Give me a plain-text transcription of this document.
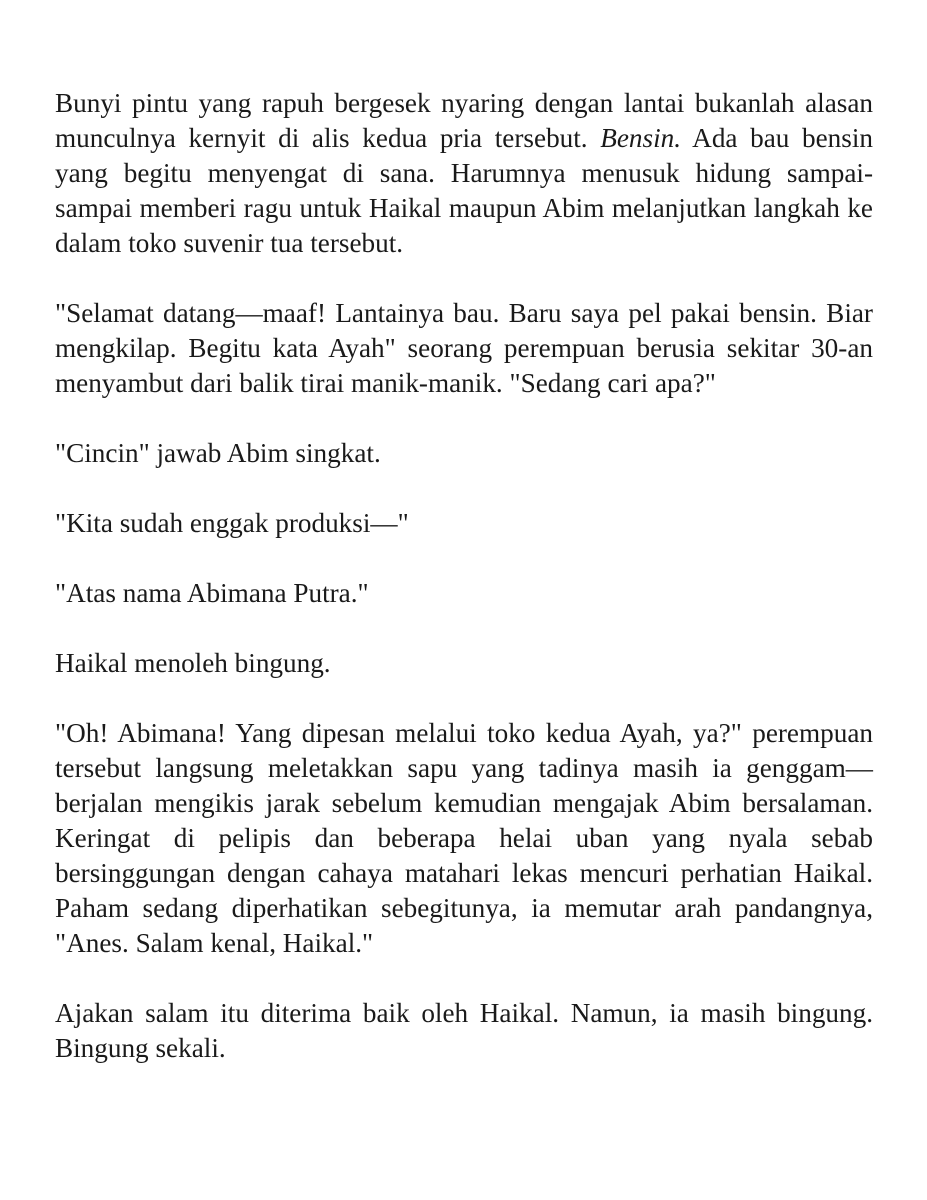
Bunyi pintu yang rapuh bergesek nyaring dengan lantai bukanlah alasan munculnya kernyit di alis kedua pria tersebut. Bensin. Ada bau bensin yang begitu menyengat di sana. Harumnya menusuk hidung sampai-sampai memberi ragu untuk Haikal maupun Abim melanjutkan langkah ke dalam toko suvenir tua tersebut.

"Selamat datang—maaf! Lantainya bau. Baru saya pel pakai bensin. Biar mengkilap. Begitu kata Ayah" seorang perempuan berusia sekitar 30-an menyambut dari balik tirai manik-manik. "Sedang cari apa?"

"Cincin" jawab Abim singkat.

"Kita sudah enggak produksi—"

"Atas nama Abimana Putra."

Haikal menoleh bingung.

"Oh! Abimana! Yang dipesan melalui toko kedua Ayah, ya?" perempuan tersebut langsung meletakkan sapu yang tadinya masih ia genggam—berjalan mengikis jarak sebelum kemudian mengajak Abim bersalaman. Keringat di pelipis dan beberapa helai uban yang nyala sebab bersinggungan dengan cahaya matahari lekas mencuri perhatian Haikal. Paham sedang diperhatikan sebegitunya, ia memutar arah pandangnya, "Anes. Salam kenal, Haikal."

Ajakan salam itu diterima baik oleh Haikal. Namun, ia masih bingung. Bingung sekali.
